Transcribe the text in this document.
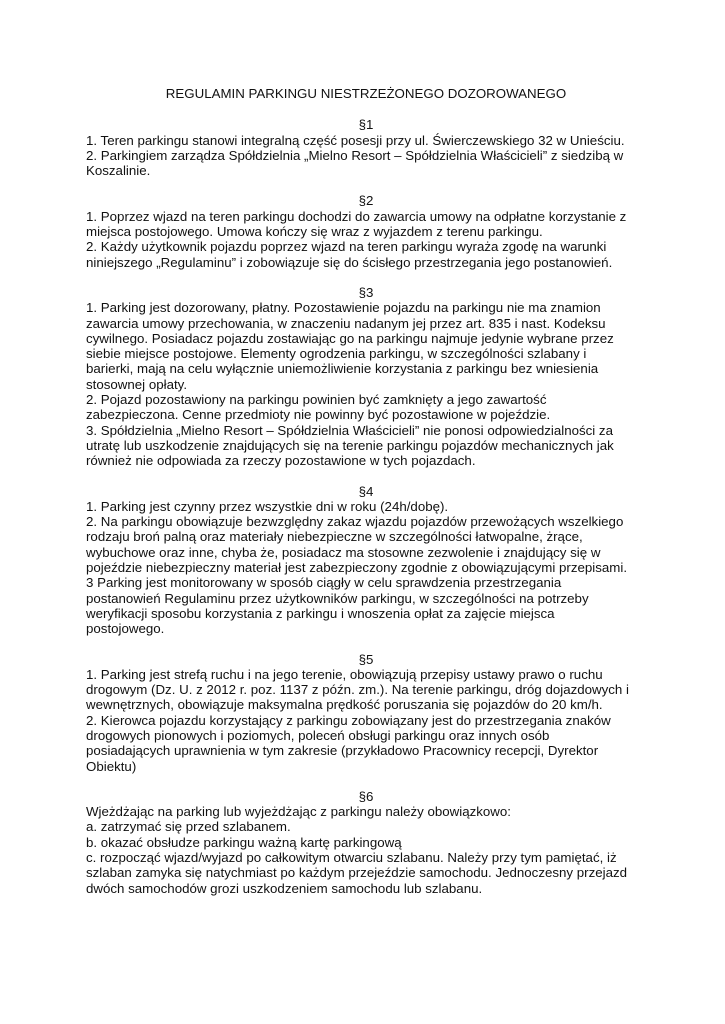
REGULAMIN PARKINGU NIESTRZEŻONEGO DOZOROWANEGO
§1
1. Teren parkingu stanowi integralną część posesji przy ul. Świerczewskiego 32 w Unieściu.
2. Parkingiem zarządza Spółdzielnia „Mielno Resort – Spółdzielnia Właścicieli” z siedzibą w
Koszalinie.
§2
1. Poprzez wjazd na teren parkingu dochodzi do zawarcia umowy na odpłatne korzystanie z
miejsca postojowego. Umowa kończy się wraz z wyjazdem z terenu parkingu.
2. Każdy użytkownik pojazdu poprzez wjazd na teren parkingu wyraża zgodę na warunki
niniejszego „Regulaminu” i zobowiązuje się do ścisłego przestrzegania jego postanowień.
§3
1. Parking jest dozorowany, płatny. Pozostawienie pojazdu na parkingu nie ma znamion
zawarcia umowy przechowania, w znaczeniu nadanym jej przez art. 835 i nast. Kodeksu
cywilnego. Posiadacz pojazdu zostawiając go na parkingu najmuje jedynie wybrane przez
siebie miejsce postojowe. Elementy ogrodzenia parkingu, w szczególności szlabany i
barierki, mają na celu wyłącznie uniemożliwienie korzystania z parkingu bez wniesienia
stosownej opłaty.
2. Pojazd pozostawiony na parkingu powinien być zamknięty a jego zawartość
zabezpieczona. Cenne przedmioty nie powinny być pozostawione w pojeździe.
3. Spółdzielnia „Mielno Resort – Spółdzielnia Właścicieli” nie ponosi odpowiedzialności za
utratę lub uszkodzenie znajdujących się na terenie parkingu pojazdów mechanicznych jak
również nie odpowiada za rzeczy pozostawione w tych pojazdach.
§4
1. Parking jest czynny przez wszystkie dni w roku (24h/dobę).
2. Na parkingu obowiązuje bezwzględny zakaz wjazdu pojazdów przewożących wszelkiego
rodzaju broń palną oraz materiały niebezpieczne w szczególności łatwopalne, żrące,
wybuchowe oraz inne, chyba że, posiadacz ma stosowne zezwolenie i znajdujący się w
pojeździe niebezpieczny materiał jest zabezpieczony zgodnie z obowiązującymi przepisami.
3 Parking jest monitorowany w sposób ciągły w celu sprawdzenia przestrzegania
postanowień Regulaminu przez użytkowników parkingu, w szczególności na potrzeby
weryfikacji sposobu korzystania z parkingu i wnoszenia opłat za zajęcie miejsca
postojowego.
§5
1. Parking jest strefą ruchu i na jego terenie, obowiązują przepisy ustawy prawo o ruchu
drogowym (Dz. U. z 2012 r. poz. 1137 z późn. zm.). Na terenie parkingu, dróg dojazdowych i
wewnętrznych, obowiązuje maksymalna prędkość poruszania się pojazdów do 20 km/h.
2. Kierowca pojazdu korzystający z parkingu zobowiązany jest do przestrzegania znaków
drogowych pionowych i poziomych, poleceń obsługi parkingu oraz innych osób
posiadających uprawnienia w tym zakresie (przykładowo Pracownicy recepcji, Dyrektor
Obiektu)
§6
Wjeżdżając na parking lub wyjeżdżając z parkingu należy obowiązkowo:
a. zatrzymać się przed szlabanem.
b. okazać obsłudze parkingu ważną kartę parkingową
c. rozpocząć wjazd/wyjazd po całkowitym otwarciu szlabanu. Należy przy tym pamiętać, iż
szlaban zamyka się natychmiast po każdym przejeździe samochodu. Jednoczesny przejazd
dwóch samochodów grozi uszkodzeniem samochodu lub szlabanu.
